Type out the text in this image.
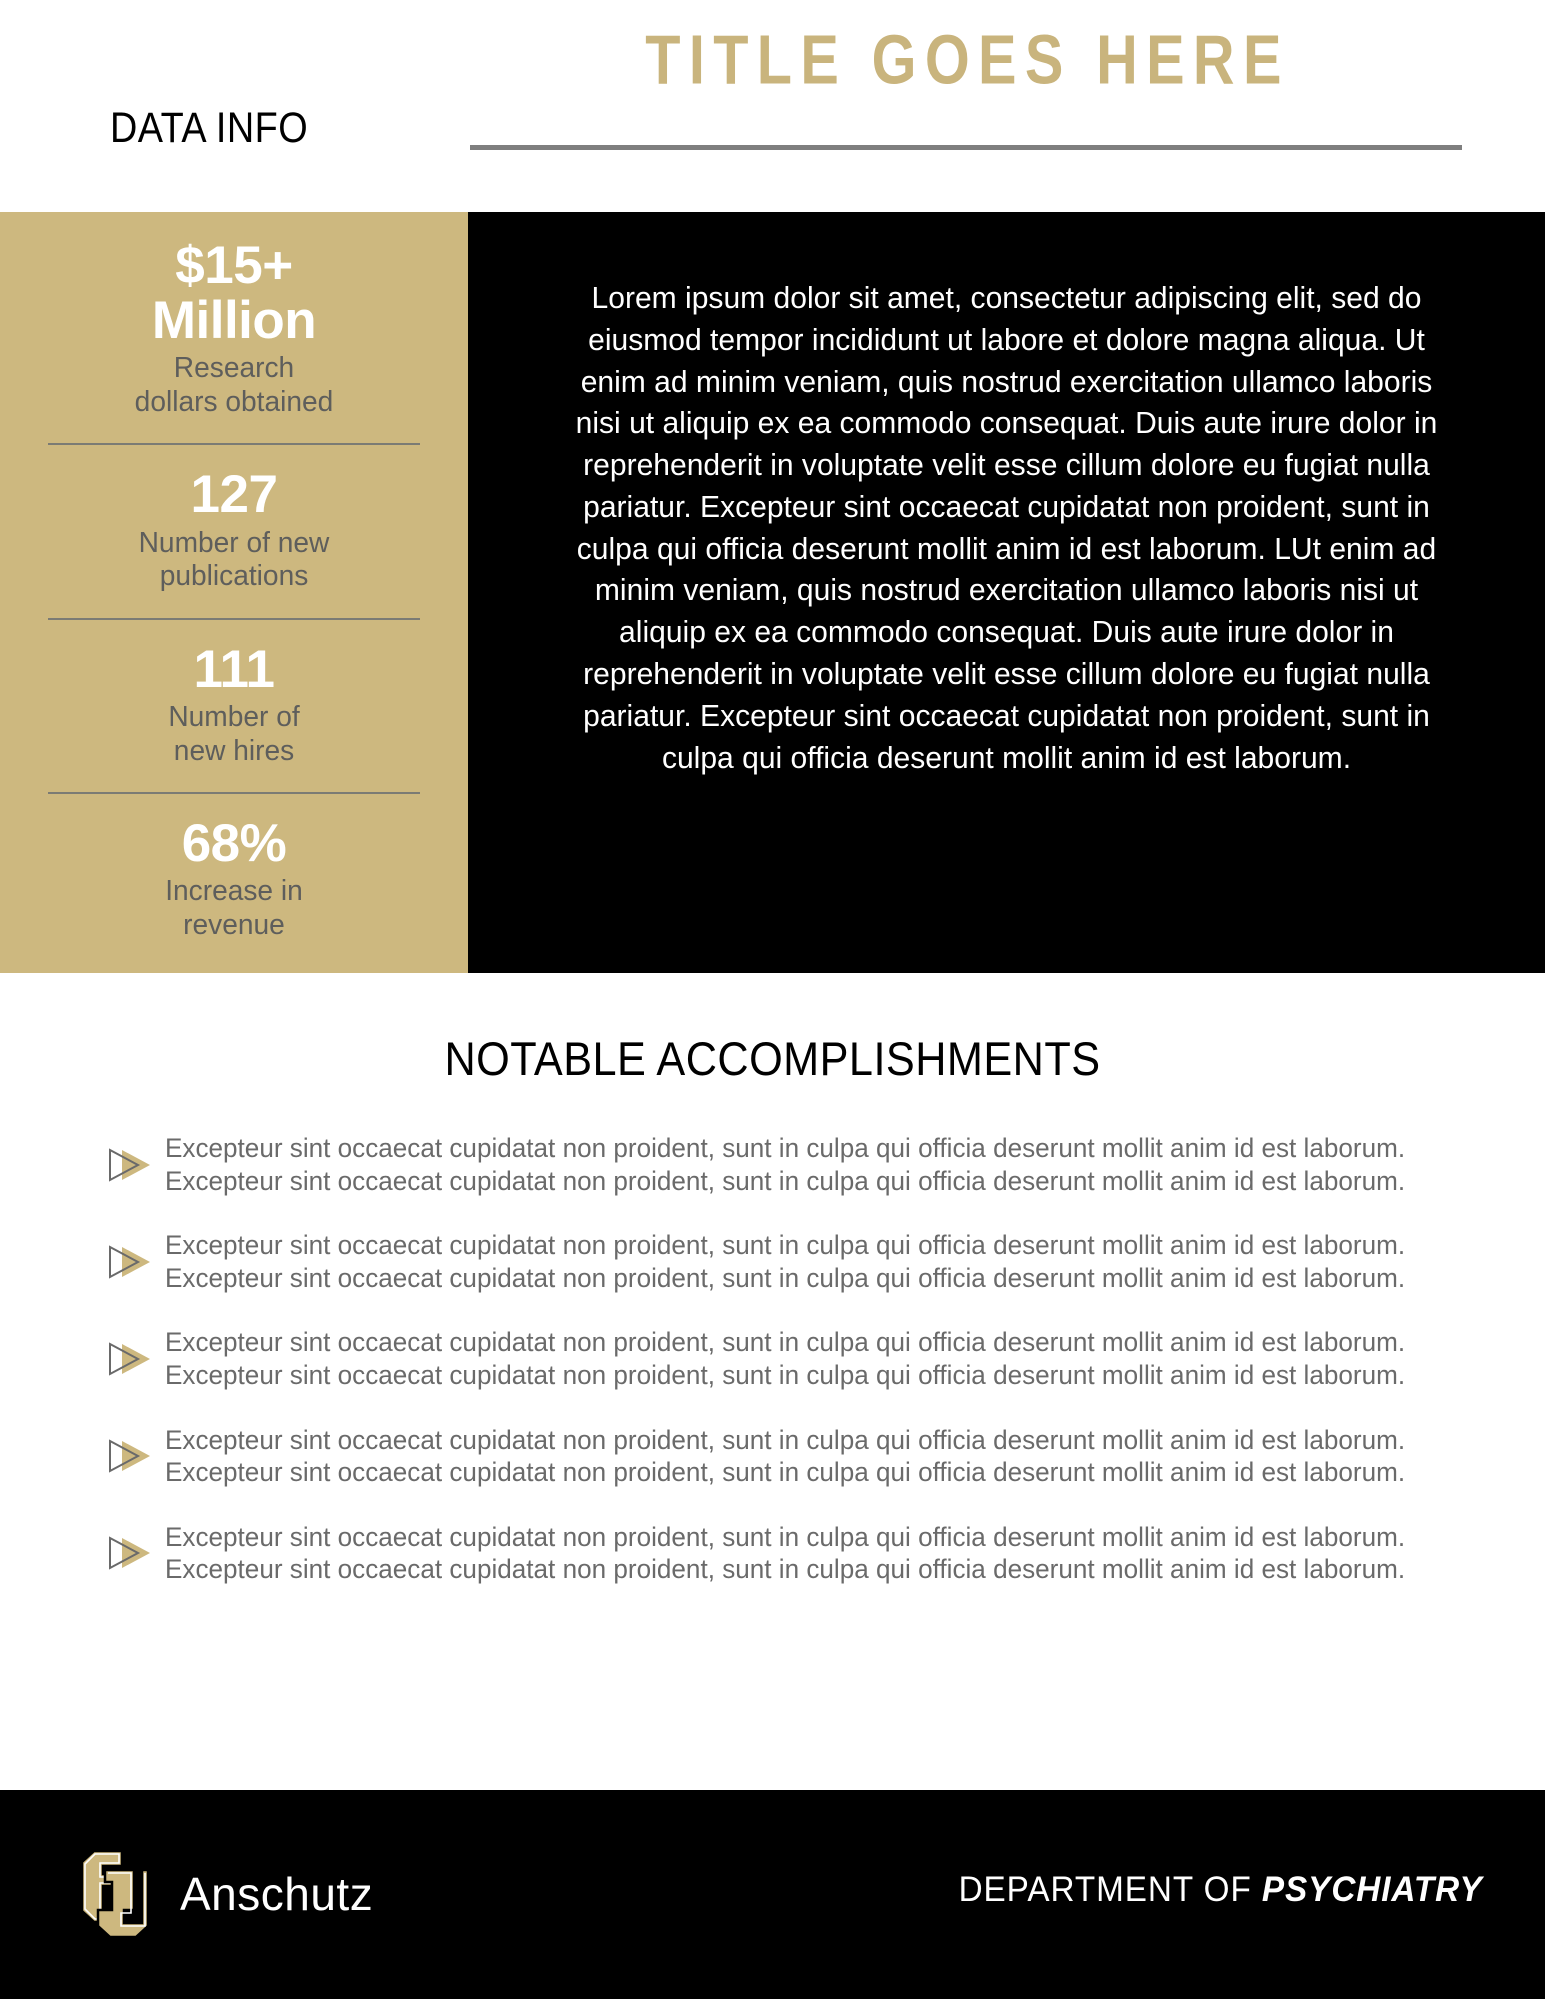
DATA INFO
TITLE GOES HERE
$15+
Million
Research
dollars obtained
127
Number of new
publications
111
Number of
new hires
68%
Increase in
revenue
Lorem ipsum dolor sit amet, consectetur adipiscing elit, sed do eiusmod tempor incididunt ut labore et dolore magna aliqua. Ut enim ad minim veniam, quis nostrud exercitation ullamco laboris nisi ut aliquip ex ea commodo consequat. Duis aute irure dolor in reprehenderit in voluptate velit esse cillum dolore eu fugiat nulla pariatur. Excepteur sint occaecat cupidatat non proident, sunt in culpa qui officia deserunt mollit anim id est laborum. LUt enim ad minim veniam, quis nostrud exercitation ullamco laboris nisi ut aliquip ex ea commodo consequat. Duis aute irure dolor in reprehenderit in voluptate velit esse cillum dolore eu fugiat nulla pariatur. Excepteur sint occaecat cupidatat non proident, sunt in culpa qui officia deserunt mollit anim id est laborum.
NOTABLE ACCOMPLISHMENTS
Excepteur sint occaecat cupidatat non proident, sunt in culpa qui officia deserunt mollit anim id est laborum. Excepteur sint occaecat cupidatat non proident, sunt in culpa qui officia deserunt mollit anim id est laborum.
Excepteur sint occaecat cupidatat non proident, sunt in culpa qui officia deserunt mollit anim id est laborum. Excepteur sint occaecat cupidatat non proident, sunt in culpa qui officia deserunt mollit anim id est laborum.
Excepteur sint occaecat cupidatat non proident, sunt in culpa qui officia deserunt mollit anim id est laborum. Excepteur sint occaecat cupidatat non proident, sunt in culpa qui officia deserunt mollit anim id est laborum.
Excepteur sint occaecat cupidatat non proident, sunt in culpa qui officia deserunt mollit anim id est laborum. Excepteur sint occaecat cupidatat non proident, sunt in culpa qui officia deserunt mollit anim id est laborum.
Excepteur sint occaecat cupidatat non proident, sunt in culpa qui officia deserunt mollit anim id est laborum. Excepteur sint occaecat cupidatat non proident, sunt in culpa qui officia deserunt mollit anim id est laborum.
Anschutz	DEPARTMENT OF PSYCHIATRY
